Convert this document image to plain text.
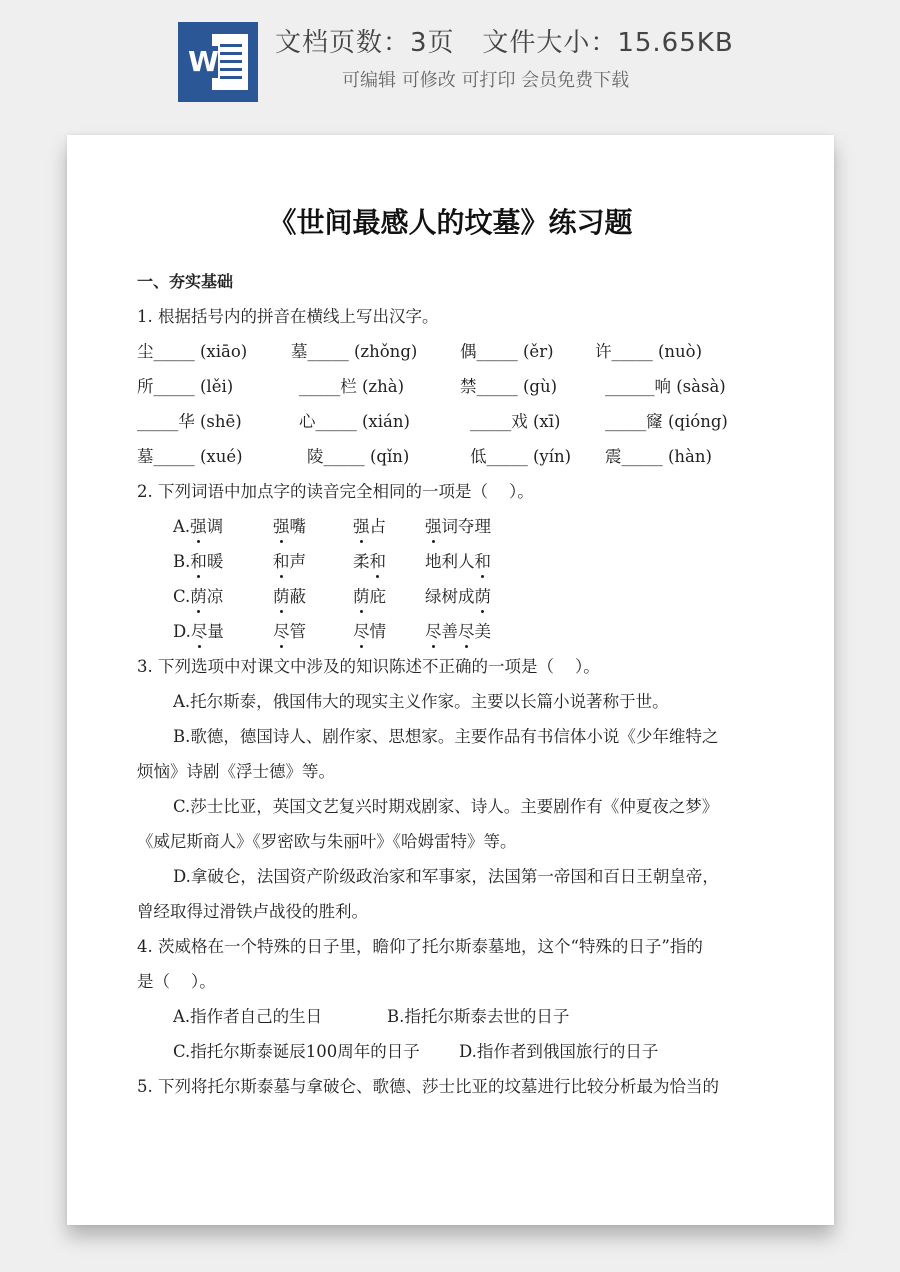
W
文档页数：3页   文件大小：15.65KB
可编辑 可修改 可打印 会员免费下载
《世间最感人的坟墓》练习题
一、夯实基础
1. 根据括号内的拼音在横线上写出汉字。
尘_____ (xiāo)	墓_____ (zhǒng)	偶_____ (ěr)	许_____ (nuò)
所_____ (lěi)	_____栏 (zhà)	禁_____ (gù)	______响 (sàsà)
_____华 (shē)	心_____ (xián)	_____戏 (xī)	_____窿 (qióng)
墓_____ (xué)	陵_____ (qǐn)	低_____ (yín) 震_____ (hàn)
2. 下列词语中加点字的读音完全相同的一项是（    ）。
A.强调	强嘴	强占 强词夺理
B.和暖	和声	柔和 地利人和
C.荫凉	荫蔽	荫庇 绿树成荫
D.尽量	尽管	尽情 尽善尽美
3. 下列选项中对课文中涉及的知识陈述不正确的一项是（    ）。
A.托尔斯泰，俄国伟大的现实主义作家。主要以长篇小说著称于世。
B.歌德，德国诗人、剧作家、思想家。主要作品有书信体小说《少年维特之
烦恼》诗剧《浮士德》等。
C.莎士比亚，英国文艺复兴时期戏剧家、诗人。主要剧作有《仲夏夜之梦》
《威尼斯商人》《罗密欧与朱丽叶》《哈姆雷特》等。
D.拿破仑，法国资产阶级政治家和军事家，法国第一帝国和百日王朝皇帝，
曾经取得过滑铁卢战役的胜利。
4. 茨威格在一个特殊的日子里，瞻仰了托尔斯泰墓地，这个“特殊的日子”指的
是（    ）。
A.指作者自己的生日	B.指托尔斯泰去世的日子
C.指托尔斯泰诞辰100周年的日子 D.指作者到俄国旅行的日子
5. 下列将托尔斯泰墓与拿破仑、歌德、莎士比亚的坟墓进行比较分析最为恰当的
